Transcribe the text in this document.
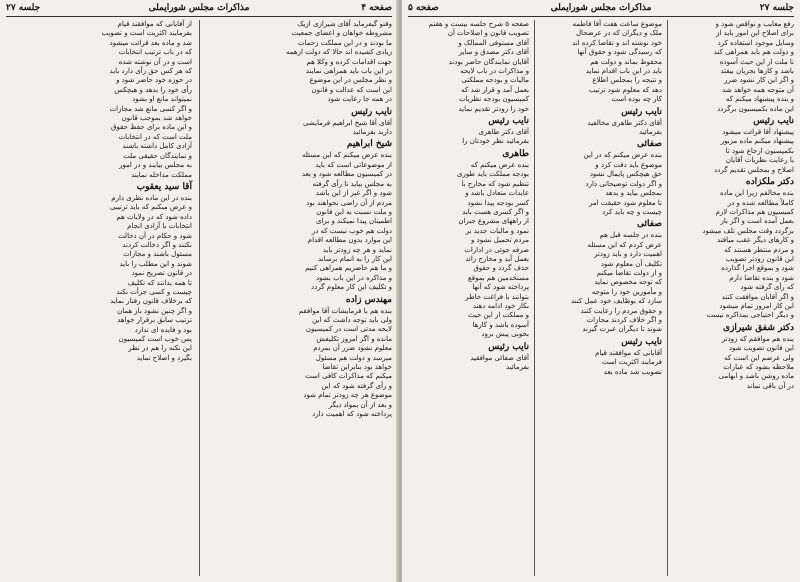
صفحه ۴
مذاکرات مجلس شورایملی
جلسه ۲۷
وقتو گیفرماید آقای شیرازی ازیک
مشروطه خواهان و اعضای جمعیت
ما بودند و در این مملکت زحمات
زیادی کشیده اند حالا که دولت ازهمه
جهت اقدامات کرده و وکلا هم
در این باب باید همراهی نمایند
و نظر مجلس در این موضوع
این است که عدالت و قانون
در همه جا رعایت شود
نایب رئیس
آقای آقا شیخ ابراهیم فرمایشی
دارید بفرمائید
شیخ ابراهیم
بنده عرض میکنم که این مسئله
از موضوعاتی است که باید
در کمیسیون مطالعه شود و بعد
به مجلس بیاید تا رأی گرفته
شود و اگر غیر از این باشد
مردم از آن راضی نخواهند بود
و ملت نسبت به این قانون
اطمینان پیدا نمیکند و برای
دولت هم خوب نیست که در
این موارد بدون مطالعه اقدام
نماید و هر چه زودتر باید
این کار را به اتمام برساند
و ما هم حاضریم همراهی کنیم
و مذاکره در این باب بشود
و تکلیف این کار معلوم گردد
مهندس زاده
بنده هم با فرمایشات آقا موافقم
ولی باید توجه داشت که این
لایحه مدتی است در کمیسیون
مانده و اگر امروز تکلیفش
معلوم نشود ضرر آن بمردم
میرسد و دولت هم مسئول
خواهد بود بنابراین تقاضا
میکنم که مذاکرات کافی است
و رأی گرفته شود که این
موضوع هر چه زودتر تمام شود
و بعد از آن بمواد دیگر
پرداخته شود که اهمیت دارد
از آقایانی که موافقند قیام
بفرمایند اکثریت است و تصویب
شد و ماده بعد قرائت میشود
که در باب ترتیب انتخابات
است و در آن نوشته شده
که هر کس حق رأی دارد باید
در حوزه خود حاضر شود و
رأی خود را بدهد و هیچکس
نمیتواند مانع او بشود
و اگر کسی مانع شد مجازات
خواهد شد بموجب قانون
و این ماده برای حفظ حقوق
ملت است که در انتخابات
آزادی کامل داشته باشند
و نمایندگان حقیقی ملت
به مجلس بیایند و در امور
مملکت مداخله نمایند
آقا سید یعقوب
بنده در این ماده نظری دارم
و عرض میکنم که باید ترتیبی
داده شود که در ولایات هم
انتخابات با آزادی انجام
شود و حکام در آن دخالت
نکنند و اگر دخالت کردند
مسئول باشند و مجازات
شوند و این مطلب را باید
در قانون تصریح نمود
تا همه بدانند که تکلیف
چیست و کسی جرأت نکند
که برخلاف قانون رفتار نماید
و اگر چنین نشود باز همان
ترتیب سابق برقرار خواهد
بود و فایده ای ندارد
پس خوب است کمیسیون
این نکته را هم در نظر
بگیرد و اصلاح نماید
جلسه ۲۷
مذاکرات مجلس شورایملی
صفحه ۵
رفع معایب و نواقص شود و
برای اصلاح این امور باید از
وسایل موجود استفاده کرد
و دولت هم باید همراهی کند
تا ملت از این حیث آسوده
باشد و کارها بجریان بیفتد
و اگر این کار نشود ضرر
آن متوجه همه خواهد شد
و بنده پیشنهاد میکنم که
این ماده بکمیسیون برگردد
نایب رئیس
پیشنهاد آقا قرائت میشود
پیشنهاد میکنم ماده مزبور
بکمیسیون ارجاع شود تا
با رعایت نظریات آقایان
اصلاح و بمجلس تقدیم گردد
دکتر ملکزاده
بنده مخالفم زیرا این ماده
کاملاً مطالعه شده و در
کمیسیون هم مذاکرات لازم
بعمل آمده است و اگر باز
برگردد وقت مجلس تلف میشود
و کارهای دیگر عقب میافتد
و مردم منتظر هستند که
این قانون زودتر تصویب
شود و بموقع اجرا گذارده
شود و بنده تقاضا دارم
که رأی گرفته شود
و اگر آقایان موافقت کنند
این کار امروز تمام میشود
و دیگر احتیاجی بمذاکره نیست
دکتر شفق شیرازی
بنده هم موافقم که زودتر
این قانون تصویب شود
ولی عرضم این است که
ملاحظه بشود که عبارات
ماده روشن باشد و ابهامی
در آن باقی نماند
موضوع ساعت هفت آقا فاطمه
ملک و دیگران که در عرضحال
خود نوشته اند و تقاضا کرده اند
که رسیدگی شود و حقوق آنها
محفوظ بماند و دولت هم
باید در این باب اقدام نماید
و نتیجه را بمجلس اطلاع
دهد که معلوم شود ترتیب
کار چه بوده است
نایب رئیس
آقای دکتر طاهری مخالفید
بفرمائید
صفائی
بنده عرض میکنم که در این
موضوع باید دقت کرد و
حق هیچکس پایمال نشود
و اگر دولت توضیحاتی دارد
بمجلس بیاید و بدهد
تا معلوم شود حقیقت امر
چیست و چه باید کرد
صفائی
بنده در جلسه قبل هم
عرض کردم که این مسئله
اهمیت دارد و باید زودتر
تکلیف آن معلوم شود
و از دولت تقاضا میکنم
که توجه مخصوص نماید
و مأمورین خود را متوجه
سازد که بوظایف خود عمل کنند
و حقوق مردم را رعایت کنند
و اگر خلاف کردند مجازات
شوند تا دیگران عبرت گیرند
نایب رئیس
آقایانی که موافقند قیام
فرمایند اکثریت است
تصویب شد ماده بعد
صفحه ۵ شرح جلسه بیست و هفتم
تصویب قانون و اصلاحات آن
آقای مستوفی الممالک و
آقای دکتر مصدق و سایر
آقایان نمایندگان حاضر بودند
و مذاکرات در باب لایحه
مالیات و بودجه مملکتی
بعمل آمد و قرار شد که
کمیسیون بودجه نظریات
خود را زودتر تقدیم نماید
نایب رئیس
آقای دکتر طاهری
بفرمائید نظر خودتان را
طاهری
بنده عرض میکنم که
بودجه مملکت باید طوری
تنظیم شود که مخارج با
عایدات متعادل باشد و
کسر بودجه پیدا نشود
و اگر کسری هست باید
از راههای مشروع جبران
نمود و مالیات جدید بر
مردم تحمیل نشود و
صرفه جوئی در ادارات
بعمل آید و مخارج زائد
حذف گردد و حقوق
مستخدمین هم بموقع
پرداخته شود که آنها
بتوانند با فراغت خاطر
بکار خود ادامه دهند
و مملکت از این حیث
آسوده باشد و کارها
بخوبی پیش برود
نایب رئیس
آقای صفائی موافقید
بفرمائید
